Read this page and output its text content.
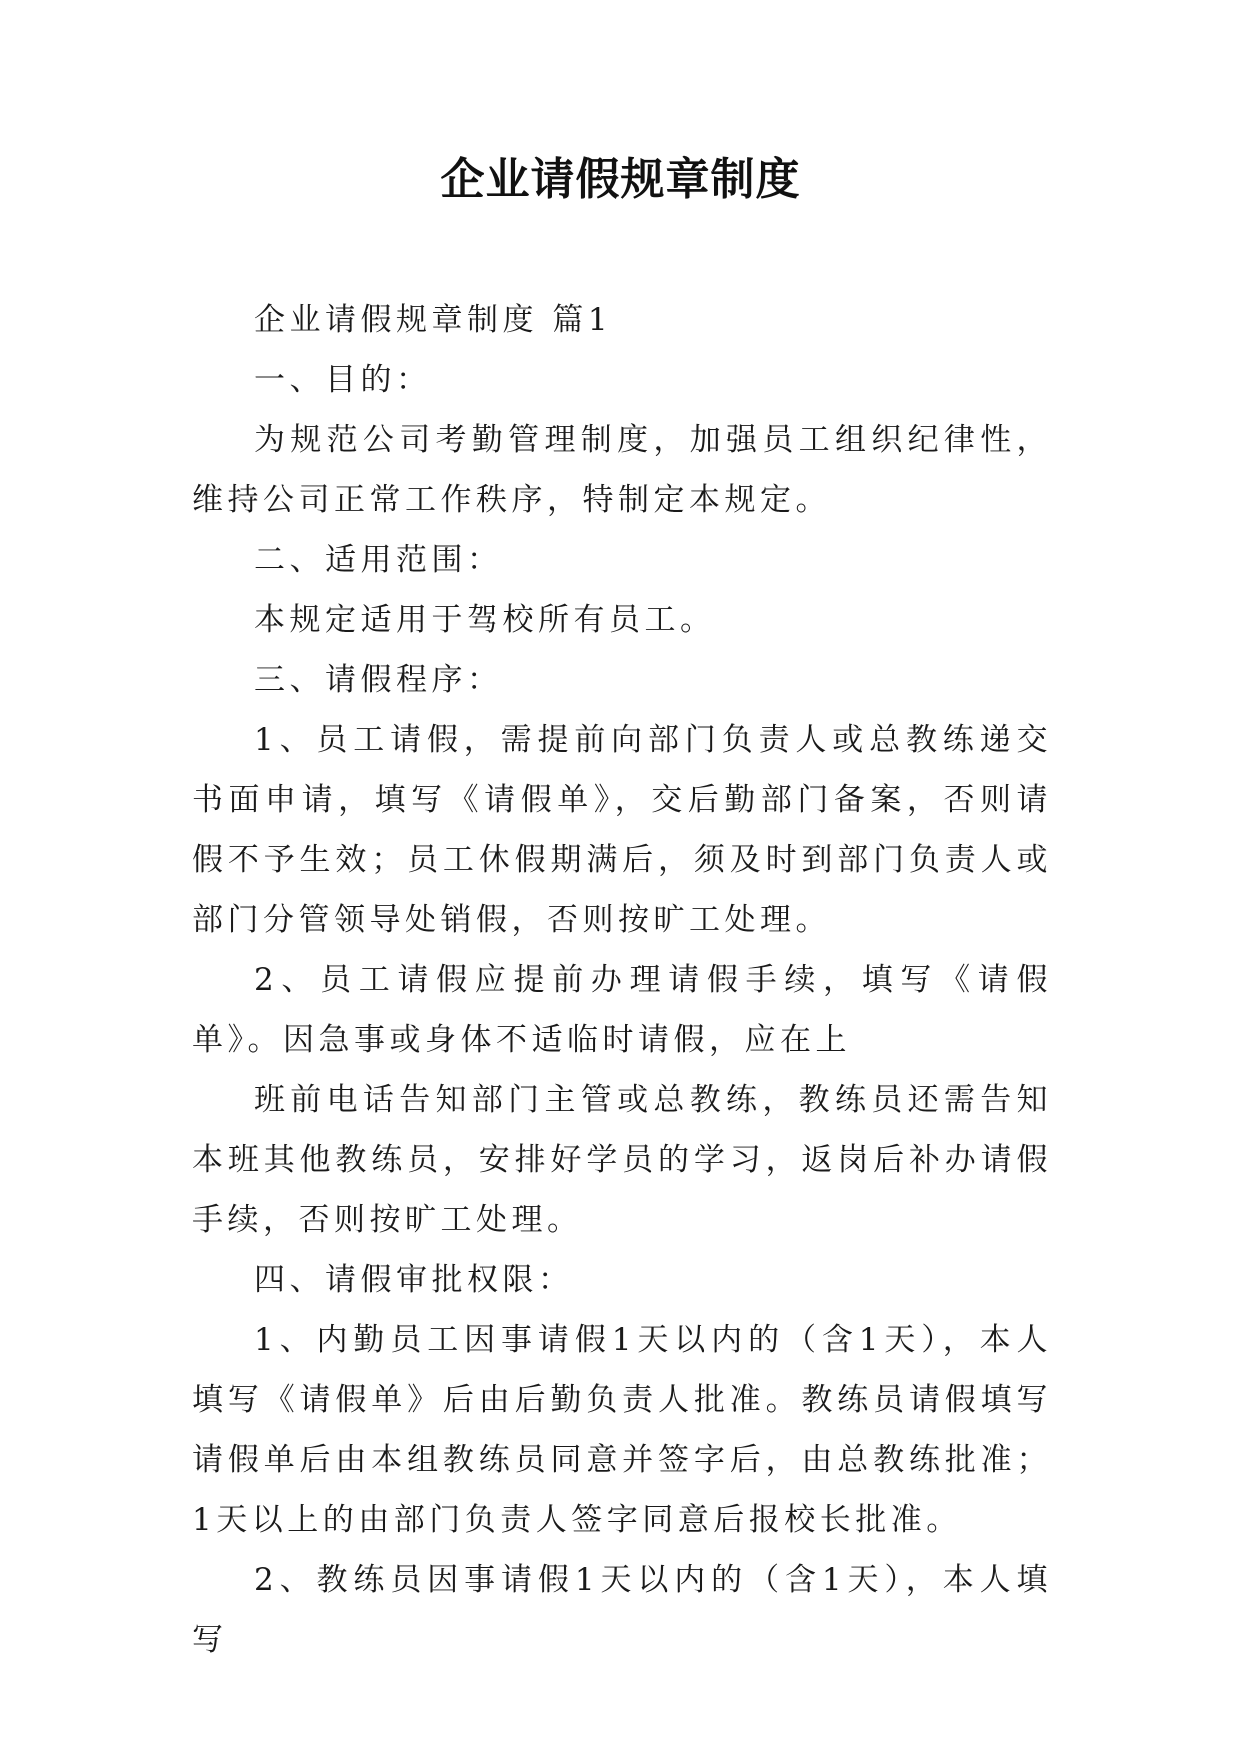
企业请假规章制度

企业请假规章制度 篇1

一、目的：

为规范公司考勤管理制度，加强员工组织纪律性，维持公司正常工作秩序，特制定本规定。

二、适用范围：

本规定适用于驾校所有员工。

三、请假程序：

1、员工请假，需提前向部门负责人或总教练递交书面申请，填写《请假单》，交后勤部门备案，否则请假不予生效；员工休假期满后，须及时到部门负责人或部门分管领导处销假，否则按旷工处理。

2、员工请假应提前办理请假手续，填写《请假单》。因急事或身体不适临时请假，应在上

班前电话告知部门主管或总教练，教练员还需告知本班其他教练员，安排好学员的学习，返岗后补办请假手续，否则按旷工处理。

四、请假审批权限：

1、内勤员工因事请假1天以内的（含1天），本人填写《请假单》后由后勤负责人批准。教练员请假填写请假单后由本组教练员同意并签字后，由总教练批准；1天以上的由部门负责人签字同意后报校长批准。

2、教练员因事请假1天以内的（含1天），本人填写
